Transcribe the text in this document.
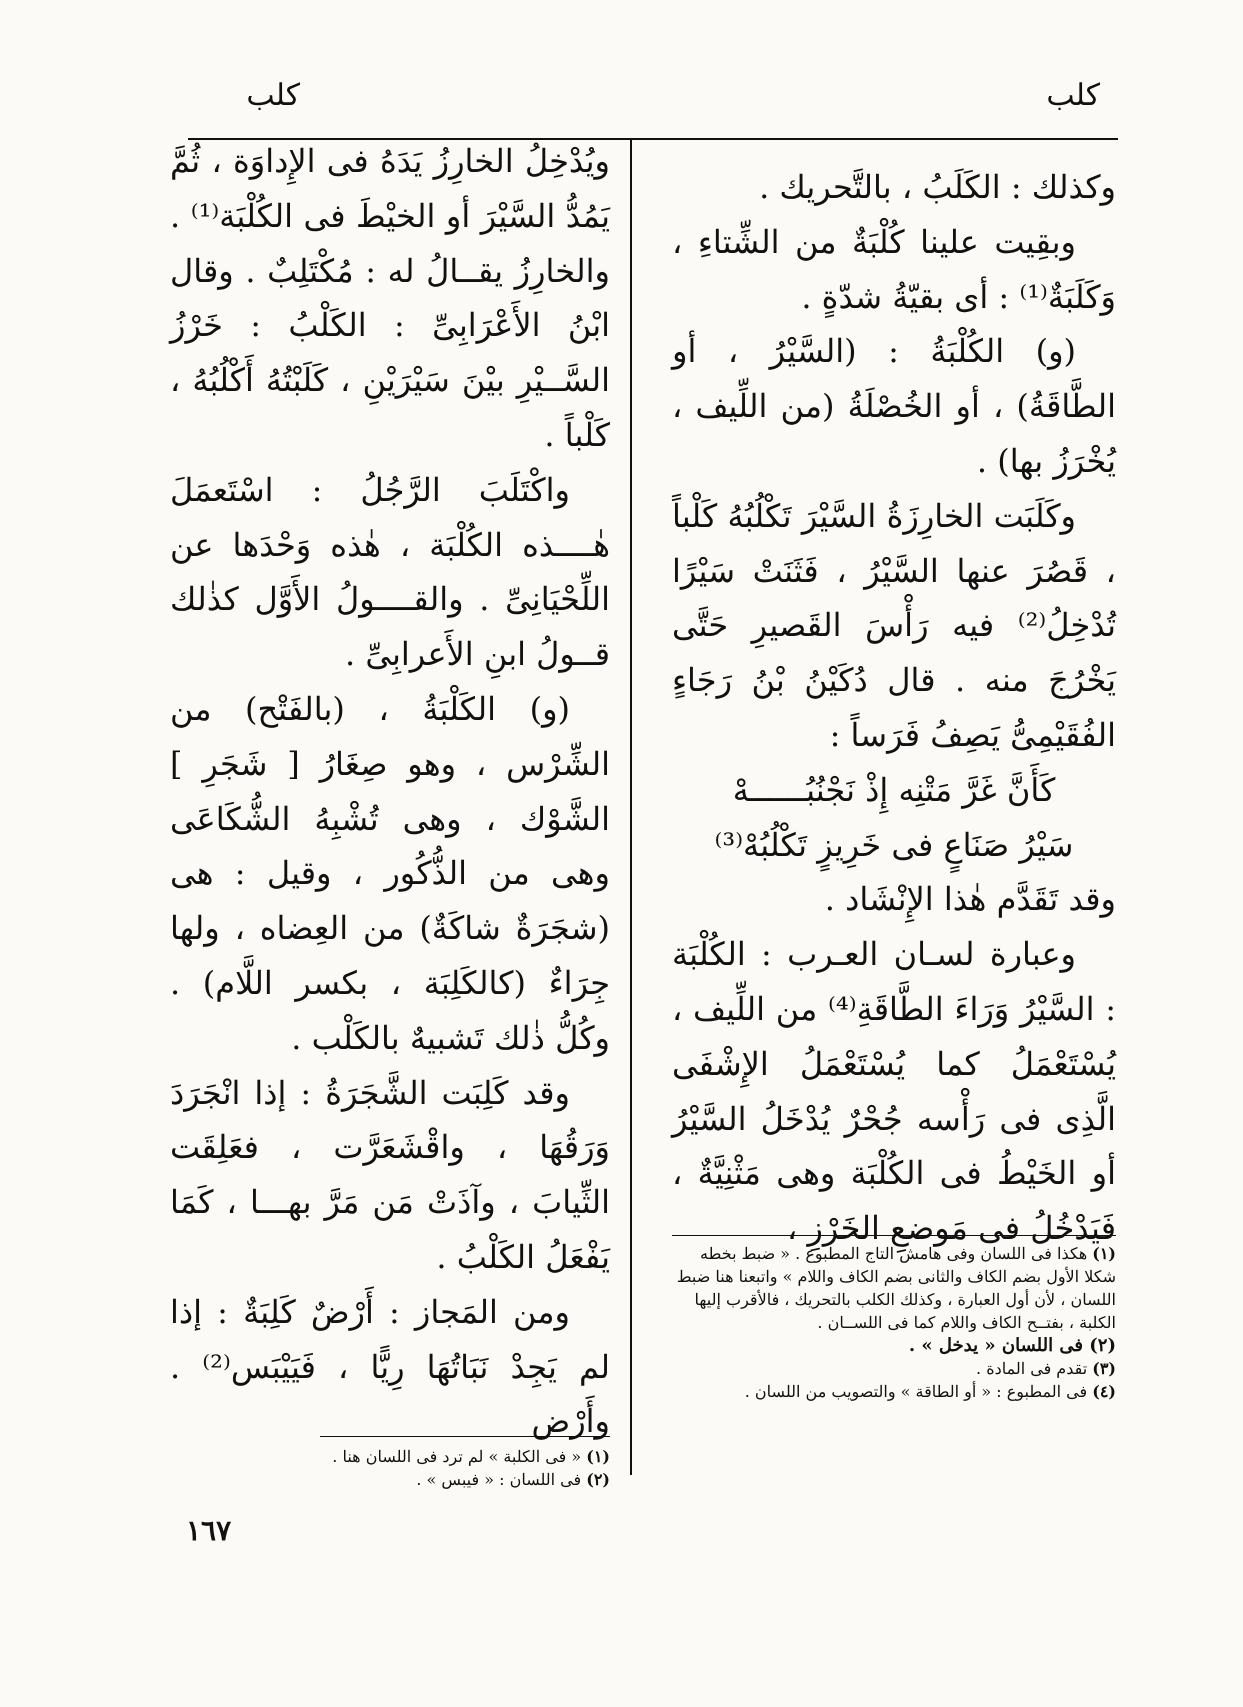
كلب
كلب

وكذلك : الكَلَبُ ، بالتَّحريك .

وبقِيت علينا كُلْبَةٌ من الشِّتاءِ ، وَكَلَبَةٌ⁽¹⁾ : أى بقيّةُ شدّةٍ .

(و) الكُلْبَةُ : (السَّيْرُ ، أو الطَّاقَةُ) ، أو الخُصْلَةُ (من اللِّيف ، يُخْرَزُ بها) .

وكَلَبَت الخارِزَةُ السَّيْرَ تَكْلُبُهُ كَلْباً ، قَصُرَ عنها السَّيْرُ ، فَثَنَتْ سَيْرًا تُدْخِلُ⁽²⁾ فيه رَأْسَ القَصيرِ حَتَّى يَخْرُجَ منه . قال دُكَيْنُ بْنُ رَجَاءٍ الفُقَيْمِىُّ يَصِفُ فَرَساً :

كَأَنَّ غَرَّ مَتْنِه إِذْ نَجْنُبُــــــهْ

سَيْرُ صَنَاعٍ فى خَرِيزٍ تَكْلُبُهْ⁽³⁾

وقد تَقَدَّم هٰذا الإِنْشَاد .

وعبارة لسـان العـرب : الكُلْبَة : السَّيْرُ وَرَاءَ الطَّاقَةِ⁽⁴⁾ من اللِّيف ، يُسْتَعْمَلُ كما يُسْتَعْمَلُ الإِشْفَى الَّذِى فى رَأْسه جُحْرٌ يُدْخَلُ السَّيْرُ أو الخَيْطُ فى الكُلْبَة وهى مَثْنِيَّةٌ ، فَيَدْخُلُ فى مَوضعِ الخَرْزِ ،

ويُدْخِلُ الخارِزُ يَدَهُ فى الإِداوَة ، ثُمَّ يَمُدُّ السَّيْرَ أو الخيْطَ فى الكُلْبَة⁽¹⁾ . والخارِزُ يقــالُ له : مُكْتَلِبٌ . وقال ابْنُ الأَعْرَابِىِّ : الكَلْبُ : خَرْزُ السَّــيْرِ بيْنَ سَيْرَيْنِ ، كَلَبْتُهُ أَكْلُبُهُ ، كَلْباً .

واكْتَلَبَ الرَّجُلُ : اسْتَعمَلَ هٰــــذه الكُلْبَة ، هٰذه وَحْدَها عن اللِّحْيَانِىِّ . والقــــولُ الأَوَّل كذٰلك قــولُ ابنِ الأَعرابِىِّ .

(و) الكَلْبَةُ ، (بالفَتْح) من الشِّرْس ، وهو صِغَارُ [ شَجَرِ ] الشَّوْك ، وهى تُشْبِهُ الشُّكَاعَى وهى من الذُّكُور ، وقيل : هى (شجَرَةٌ شاكَةٌ) من العِضاه ، ولها جِرَاءٌ (كالكَلِبَة ، بكسر اللَّام) . وكُلُّ ذٰلك تَشبيهٌ بالكَلْب .

وقد كَلِبَت الشَّجَرَةُ : إذا انْجَرَدَ وَرَقُهَا ، واقْشَعَرَّت ، فعَلِقَت الثِّيابَ ، وآذَتْ مَن مَرَّ بهـــا ، كَمَا يَفْعَلُ الكَلْبُ .

ومن المَجاز : أَرْضٌ كَلِبَةٌ : إذا لم يَجِدْ نَبَاتُهَا رِيًّا ، فَيَيْبَس⁽²⁾ . وأَرْض

(١) هكذا فى اللسان وفى هامش التاج المطبوع . « ضبط بخطه شكلا الأول بضم الكاف والثانى بضم الكاف واللام » واتبعنا هنا ضبط اللسان ، لأن أول العبارة ، وكذلك الكلب بالتحريك ، فالأقرب إليها الكلبة ، بفتــح الكاف واللام كما فى اللســان .

(٢) فى اللسان « يدخل » .

(٣) تقدم فى المادة .

(٤) فى المطبوع : « أو الطاقة » والتصويب من اللسان .

(١) « فى الكلبة » لم ترد فى اللسان هنا .

(٢) فى اللسان : « فيبس » .

١٦٧
